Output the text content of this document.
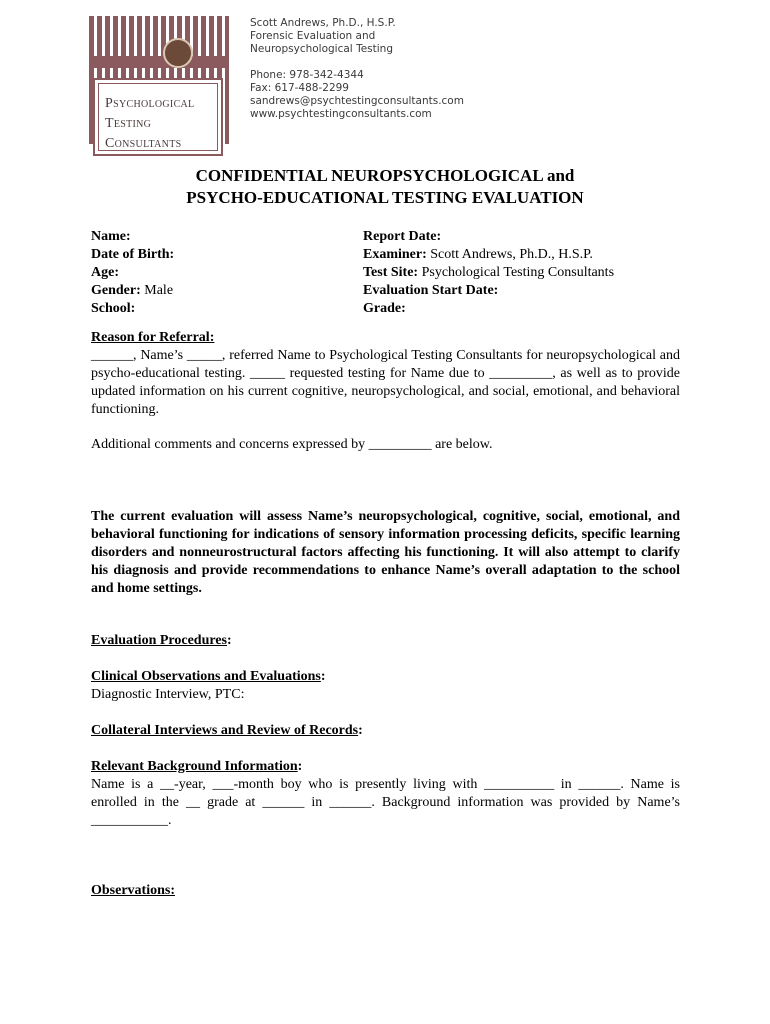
Psychological
Testing
Consultants
Scott Andrews, Ph.D., H.S.P.
Forensic Evaluation and
Neuropsychological Testing
Phone: 978-342-4344
Fax: 617-488-2299
sandrews@psychtestingconsultants.com
www.psychtestingconsultants.com
CONFIDENTIAL NEUROPSYCHOLOGICAL and
PSYCHO-EDUCATIONAL TESTING EVALUATION
Name:
Date of Birth:
Age:
Gender: Male
School:
Report Date:
Examiner: Scott Andrews, Ph.D., H.S.P.
Test Site: Psychological Testing Consultants
Evaluation Start Date:
Grade:
Reason for Referral:
______, Name’s _____, referred Name to Psychological Testing Consultants for neuropsychological and psycho-educational testing. _____ requested testing for Name due to _________, as well as to provide updated information on his current cognitive, neuropsychological, and social, emotional, and behavioral functioning.
Additional comments and concerns expressed by _________ are below.
The current evaluation will assess Name’s neuropsychological, cognitive, social, emotional, and behavioral functioning for indications of sensory information processing deficits, specific learning disorders and nonneurostructural factors affecting his functioning. It will also attempt to clarify his diagnosis and provide recommendations to enhance Name’s overall adaptation to the school and home settings.
Evaluation Procedures:
Clinical Observations and Evaluations:
Diagnostic Interview, PTC:
Collateral Interviews and Review of Records:
Relevant Background Information:
Name is a __-year, ___-month boy who is presently living with __________ in ______. Name is enrolled in the __ grade at ______ in ______. Background information was provided by Name’s ___________.
Observations:
